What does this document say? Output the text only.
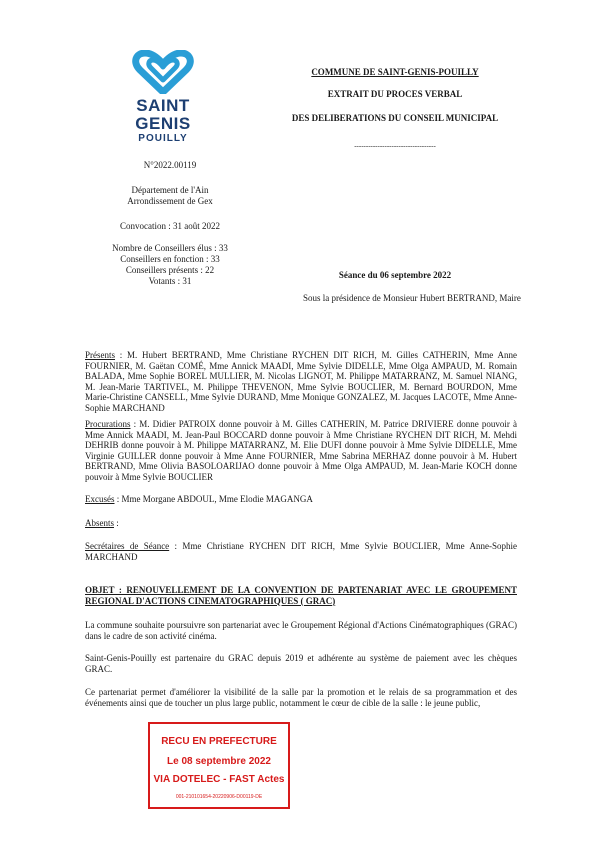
SAINT
GENIS
POUILLY
N°2022.00119
Département de l'Ain
Arrondissement de Gex
Convocation : 31 août 2022
Nombre de Conseillers élus : 33
Conseillers en fonction : 33
Conseillers présents : 22
Votants : 31
COMMUNE DE SAINT-GENIS-POUILLY
EXTRAIT DU PROCES VERBAL
DES DELIBERATIONS DU CONSEIL MUNICIPAL
-----------------------------------
Séance du 06 septembre 2022
Sous la présidence de Monsieur Hubert BERTRAND, Maire

Présents : M. Hubert BERTRAND, Mme Christiane RYCHEN DIT RICH, M. Gilles CATHERIN, Mme Anne FOURNIER, M. Gaëtan COMÉ, Mme Annick MAADI, Mme Sylvie DIDELLE, Mme Olga AMPAUD, M. Romain BALADA, Mme Sophie BOREL MULLIER, M. Nicolas LIGNOT, M. Philippe MATARRANZ, M. Samuel NIANG, M. Jean-Marie TARTIVEL, M. Philippe THEVENON, Mme Sylvie BOUCLIER, M. Bernard BOURDON, Mme Marie-Christine CANSELL, Mme Sylvie DURAND, Mme Monique GONZALEZ, M. Jacques LACOTE, Mme Anne-Sophie MARCHAND

Procurations : M. Didier PATROIX donne pouvoir à M. Gilles CATHERIN, M. Patrice DRIVIERE donne pouvoir à Mme Annick MAADI, M. Jean-Paul BOCCARD donne pouvoir à Mme Christiane RYCHEN DIT RICH, M. Mehdi DEHRIB donne pouvoir à M. Philippe MATARRANZ, M. Elie DUFI donne pouvoir à Mme Sylvie DIDELLE, Mme Virginie GUILLER donne pouvoir à Mme Anne FOURNIER, Mme Sabrina MERHAZ donne pouvoir à M. Hubert BERTRAND, Mme Olivia BASOLOARIJAO donne pouvoir à Mme Olga AMPAUD, M. Jean-Marie KOCH donne pouvoir à Mme Sylvie BOUCLIER

Excusés : Mme Morgane ABDOUL, Mme Elodie MAGANGA

Absents :

Secrétaires de Séance : Mme Christiane RYCHEN DIT RICH, Mme Sylvie BOUCLIER, Mme Anne-Sophie MARCHAND

OBJET : RENOUVELLEMENT DE LA CONVENTION DE PARTENARIAT AVEC LE GROUPEMENT REGIONAL D'ACTIONS CINEMATOGRAPHIQUES ( GRAC)
La commune souhaite poursuivre son partenariat avec le Groupement Régional d'Actions Cinématographiques (GRAC) dans le cadre de son activité cinéma.
Saint-Genis-Pouilly est partenaire du GRAC depuis 2019 et adhérente au système de paiement avec les chèques GRAC.
Ce partenariat permet d'améliorer la visibilité de la salle par la promotion et le relais de sa programmation et des événements ainsi que de toucher un plus large public, notamment le cœur de cible de la salle : le jeune public,
RECU EN PREFECTURE
Le 08 septembre 2022
VIA DOTELEC - FAST Actes
001-210101654-20220906-D00119-DE
